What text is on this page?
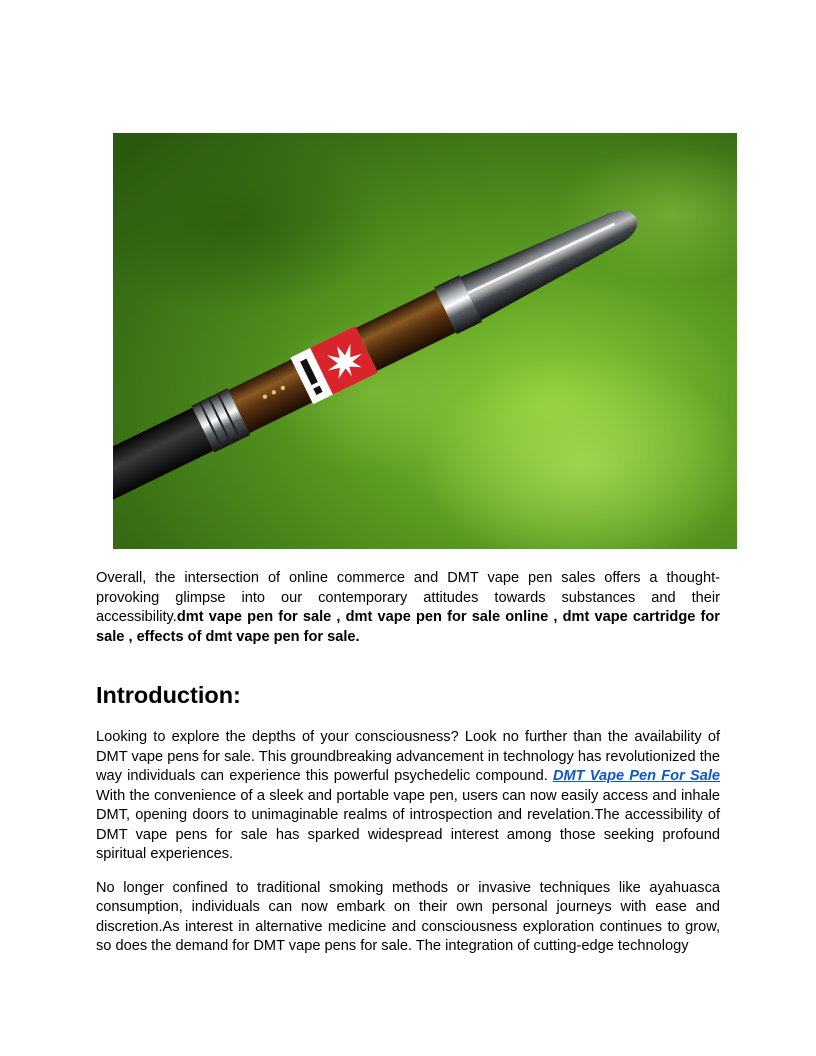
Overall, the intersection of online commerce and DMT vape pen sales offers a thought-provoking glimpse into our contemporary attitudes towards substances and their accessibility.dmt vape pen for sale , dmt vape pen for sale online , dmt vape cartridge for sale , effects of dmt vape pen for sale.

Introduction:

Looking to explore the depths of your consciousness? Look no further than the availability of DMT vape pens for sale. This groundbreaking advancement in technology has revolutionized the way individuals can experience this powerful psychedelic compound. DMT Vape Pen For Sale With the convenience of a sleek and portable vape pen, users can now easily access and inhale DMT, opening doors to unimaginable realms of introspection and revelation.The accessibility of DMT vape pens for sale has sparked widespread interest among those seeking profound spiritual experiences.

No longer confined to traditional smoking methods or invasive techniques like ayahuasca consumption, individuals can now embark on their own personal journeys with ease and discretion.As interest in alternative medicine and consciousness exploration continues to grow, so does the demand for DMT vape pens for sale. The integration of cutting-edge technology
